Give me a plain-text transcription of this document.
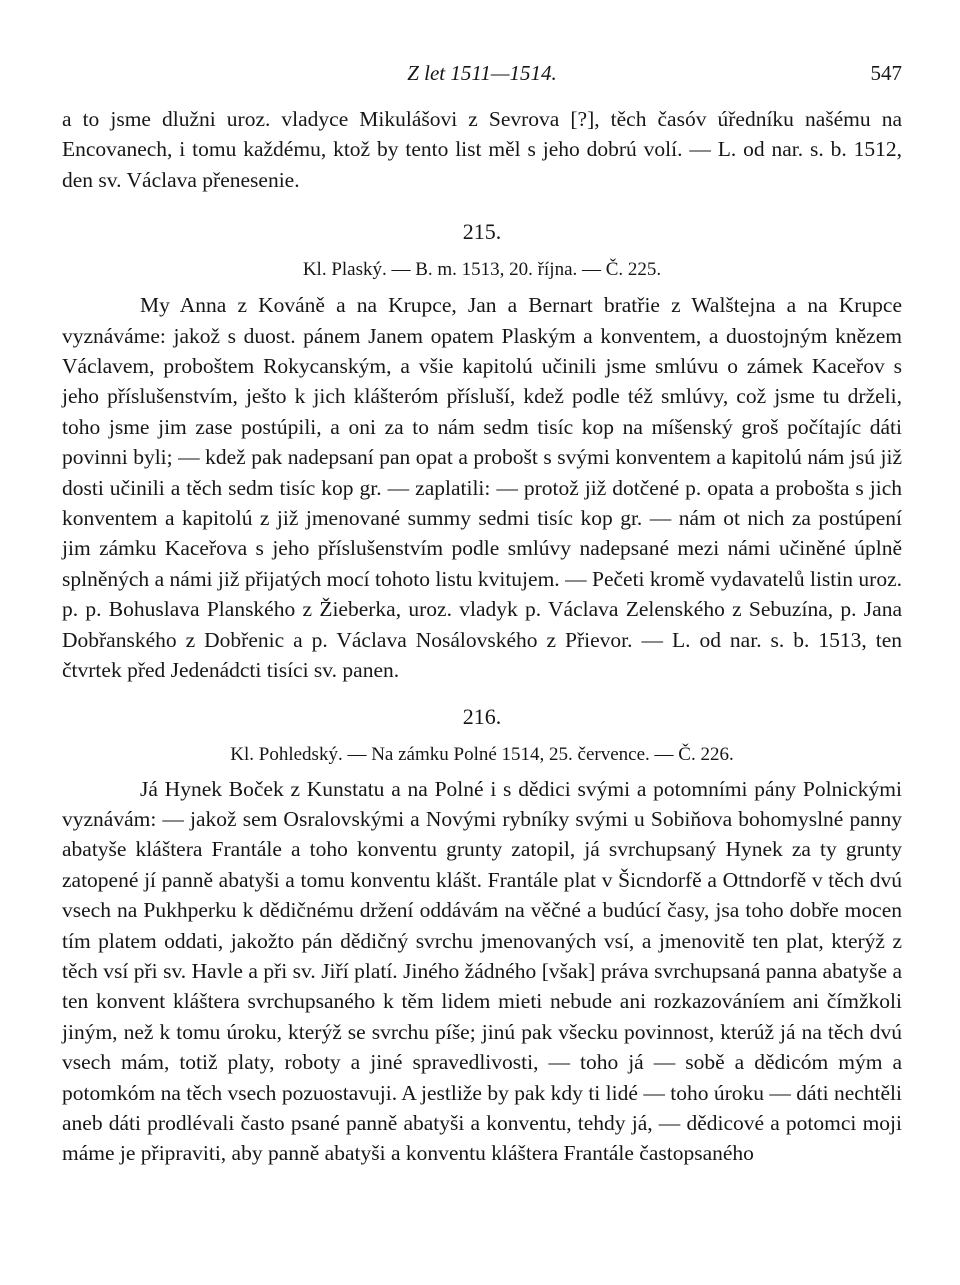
Z let 1511—1514.	547

a to jsme dlužni uroz. vladyce Mikulášovi z Sevrova [?], těch časóv úředníku našému na Encovanech, i tomu každému, ktož by tento list měl s jeho dobrú volí. — L. od nar. s. b. 1512, den sv. Václava přenesenie.

215.

Kl. Plaský. — B. m. 1513, 20. října. — Č. 225.

My Anna z Kováně a na Krupce, Jan a Bernart bratřie z Walštejna a na Krupce vyznáváme: jakož s duost. pánem Janem opatem Plaským a konventem, a duostojným knězem Václavem, proboštem Rokycanským, a všie kapitolú učinili jsme smlúvu o zámek Kaceřov s jeho příslušenstvím, ješto k jich klášteróm přísluší, kdež podle též smlúvy, což jsme tu drželi, toho jsme jim zase postúpili, a oni za to nám sedm tisíc kop na míšenský groš počítajíc dáti povinni byli; — kdež pak nadepsaní pan opat a probošt s svými konventem a kapitolú nám jsú již dosti učinili a těch sedm tisíc kop gr. — zaplatili: — protož již dotčené p. opata a probošta s jich konventem a kapitolú z již jmenované summy sedmi tisíc kop gr. — nám ot nich za postúpení jim zámku Kaceřova s jeho příslušenstvím podle smlúvy nadepsané mezi námi učiněné úplně splněných a námi již přijatých mocí tohoto listu kvitujem. — Pečeti kromě vydavatelů listin uroz. p. p. Bohuslava Planského z Žieberka, uroz. vladyk p. Václava Zelenského z Sebuzína, p. Jana Dobřanského z Dobřenic a p. Václava Nosálovského z Přievor. — L. od nar. s. b. 1513, ten čtvrtek před Jedenádcti tisíci sv. panen.

216.

Kl. Pohledský. — Na zámku Polné 1514, 25. července. — Č. 226.

Já Hynek Boček z Kunstatu a na Polné i s dědici svými a potomními pány Polnickými vyznávám: — jakož sem Osralovskými a Novými rybníky svými u Sobiňova bohomyslné panny abatyše kláštera Frantále a toho konventu grunty zatopil, já svrchupsaný Hynek za ty grunty zatopené jí panně abatyši a tomu konventu klášt. Frantále plat v Šicndorfě a Ottndorfě v těch dvú vsech na Pukhperku k dědičnému držení oddávám na věčné a budúcí časy, jsa toho dobře mocen tím platem oddati, jakožto pán dědičný svrchu jmenovaných vsí, a jmenovitě ten plat, kterýž z těch vsí při sv. Havle a při sv. Jiří platí. Jiného žádného [však] práva svrchupsaná panna abatyše a ten konvent kláštera svrchupsaného k těm lidem mieti nebude ani rozkazováníem ani čímžkoli jiným, než k tomu úroku, kterýž se svrchu píše; jinú pak všecku povinnost, kterúž já na těch dvú vsech mám, totiž platy, roboty a jiné spravedlivosti, — toho já — sobě a dědicóm mým a potomkóm na těch vsech pozuostavuji. A jestliže by pak kdy ti lidé — toho úroku — dáti nechtěli aneb dáti prodlévali často psané panně abatyši a konventu, tehdy já, — dědicové a potomci moji máme je připraviti, aby panně abatyši a konventu kláštera Frantále častopsaného
